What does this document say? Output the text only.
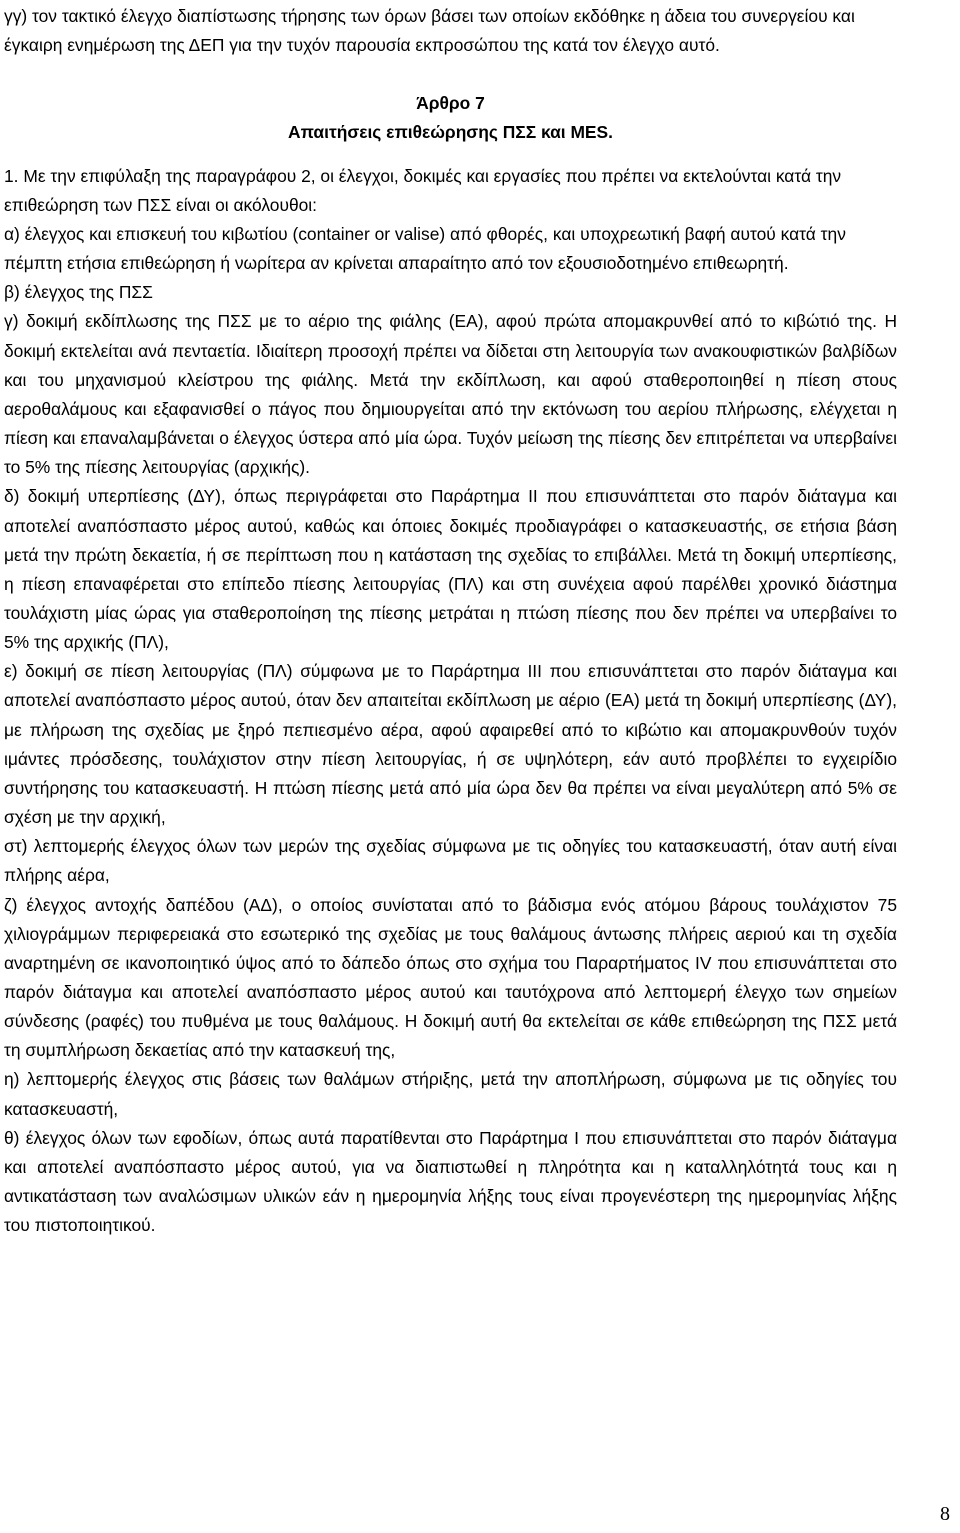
γγ) τον τακτικό έλεγχο διαπίστωσης τήρησης των όρων βάσει των οποίων εκδόθηκε η άδεια του συνεργείου και έγκαιρη ενημέρωση της ΔΕΠ για την τυχόν παρουσία εκπροσώπου της κατά τον έλεγχο αυτό.

Άρθρο 7
Απαιτήσεις επιθεώρησης ΠΣΣ και MES.

1. Με την επιφύλαξη της παραγράφου 2, οι έλεγχοι, δοκιμές και εργασίες που πρέπει να εκτελούνται κατά την επιθεώρηση των ΠΣΣ είναι οι ακόλουθοι:

α) έλεγχος και επισκευή του κιβωτίου (container or valise) από φθορές, και υποχρεωτική βαφή αυτού κατά την πέμπτη ετήσια επιθεώρηση ή νωρίτερα αν κρίνεται απαραίτητο από τον εξουσιοδοτημένο επιθεωρητή.

β) έλεγχος της ΠΣΣ

γ) δοκιμή εκδίπλωσης της ΠΣΣ με το αέριο της φιάλης (ΕΑ), αφού πρώτα απομακρυνθεί από το κιβώτιό της. Η δοκιμή εκτελείται ανά πενταετία. Ιδιαίτερη προσοχή πρέπει να δίδεται στη λειτουργία των ανακουφιστικών βαλβίδων και του μηχανισμού κλείστρου της φιάλης. Μετά την εκδίπλωση, και αφού σταθεροποιηθεί η πίεση στους αεροθαλάμους και εξαφανισθεί ο πάγος που δημιουργείται από την εκτόνωση του αερίου πλήρωσης, ελέγχεται η πίεση και επαναλαμβάνεται ο έλεγχος ύστερα από μία ώρα. Τυχόν μείωση της πίεσης δεν επιτρέπεται να υπερβαίνει το 5% της πίεσης λειτουργίας (αρχικής).

δ) δοκιμή υπερπίεσης (ΔΥ), όπως περιγράφεται στο Παράρτημα ΙΙ που επισυνάπτεται στο παρόν διάταγμα και αποτελεί αναπόσπαστο μέρος αυτού, καθώς και όποιες δοκιμές προδιαγράφει ο κατασκευαστής, σε ετήσια βάση μετά την πρώτη δεκαετία, ή σε περίπτωση που η κατάσταση της σχεδίας το επιβάλλει. Μετά τη δοκιμή υπερπίεσης, η πίεση επαναφέρεται στο επίπεδο πίεσης λειτουργίας (ΠΛ) και στη συνέχεια αφού παρέλθει χρονικό διάστημα τουλάχιστη μίας ώρας για σταθεροποίηση της πίεσης μετράται η πτώση πίεσης που δεν πρέπει να υπερβαίνει το 5% της αρχικής (ΠΛ),

ε) δοκιμή σε πίεση λειτουργίας (ΠΛ) σύμφωνα με το Παράρτημα ΙΙΙ που επισυνάπτεται στο παρόν διάταγμα και αποτελεί αναπόσπαστο μέρος αυτού, όταν δεν απαιτείται εκδίπλωση με αέριο (ΕΑ) μετά τη δοκιμή υπερπίεσης (ΔΥ), με πλήρωση της σχεδίας με ξηρό πεπιεσμένο αέρα, αφού αφαιρεθεί από το κιβώτιο και απομακρυνθούν τυχόν ιμάντες πρόσδεσης, τουλάχιστον στην πίεση λειτουργίας, ή σε υψηλότερη, εάν αυτό προβλέπει το εγχειρίδιο συντήρησης του κατασκευαστή. Η πτώση πίεσης μετά από μία ώρα δεν θα πρέπει να είναι μεγαλύτερη από 5% σε σχέση με την αρχική,

στ) λεπτομερής έλεγχος όλων των μερών της σχεδίας σύμφωνα με τις οδηγίες του κατασκευαστή, όταν αυτή είναι πλήρης αέρα,

ζ) έλεγχος αντοχής δαπέδου (ΑΔ), ο οποίος συνίσταται από το βάδισμα ενός ατόμου βάρους τουλάχιστον 75 χιλιογράμμων περιφερειακά στο εσωτερικό της σχεδίας με τους θαλάμους άντωσης πλήρεις αεριού και τη σχεδία αναρτημένη σε ικανοποιητικό ύψος από το δάπεδο όπως στο σχήμα του Παραρτήματος ΙV που επισυνάπτεται στο παρόν διάταγμα και αποτελεί αναπόσπαστο μέρος αυτού και ταυτόχρονα από λεπτομερή έλεγχο των σημείων σύνδεσης (ραφές) του πυθμένα με τους θαλάμους. Η δοκιμή αυτή θα εκτελείται σε κάθε επιθεώρηση της ΠΣΣ μετά τη συμπλήρωση δεκαετίας από την κατασκευή της,

η) λεπτομερής έλεγχος στις βάσεις των θαλάμων στήριξης, μετά την αποπλήρωση, σύμφωνα με τις οδηγίες του κατασκευαστή,

θ) έλεγχος όλων των εφοδίων, όπως αυτά παρατίθενται στο Παράρτημα Ι που επισυνάπτεται στο παρόν διάταγμα και αποτελεί αναπόσπαστο μέρος αυτού, για να διαπιστωθεί η πληρότητα και η καταλληλότητά τους και η αντικατάσταση των αναλώσιμων υλικών εάν η ημερομηνία λήξης τους είναι προγενέστερη της ημερομηνίας λήξης του πιστοποιητικού.

8
